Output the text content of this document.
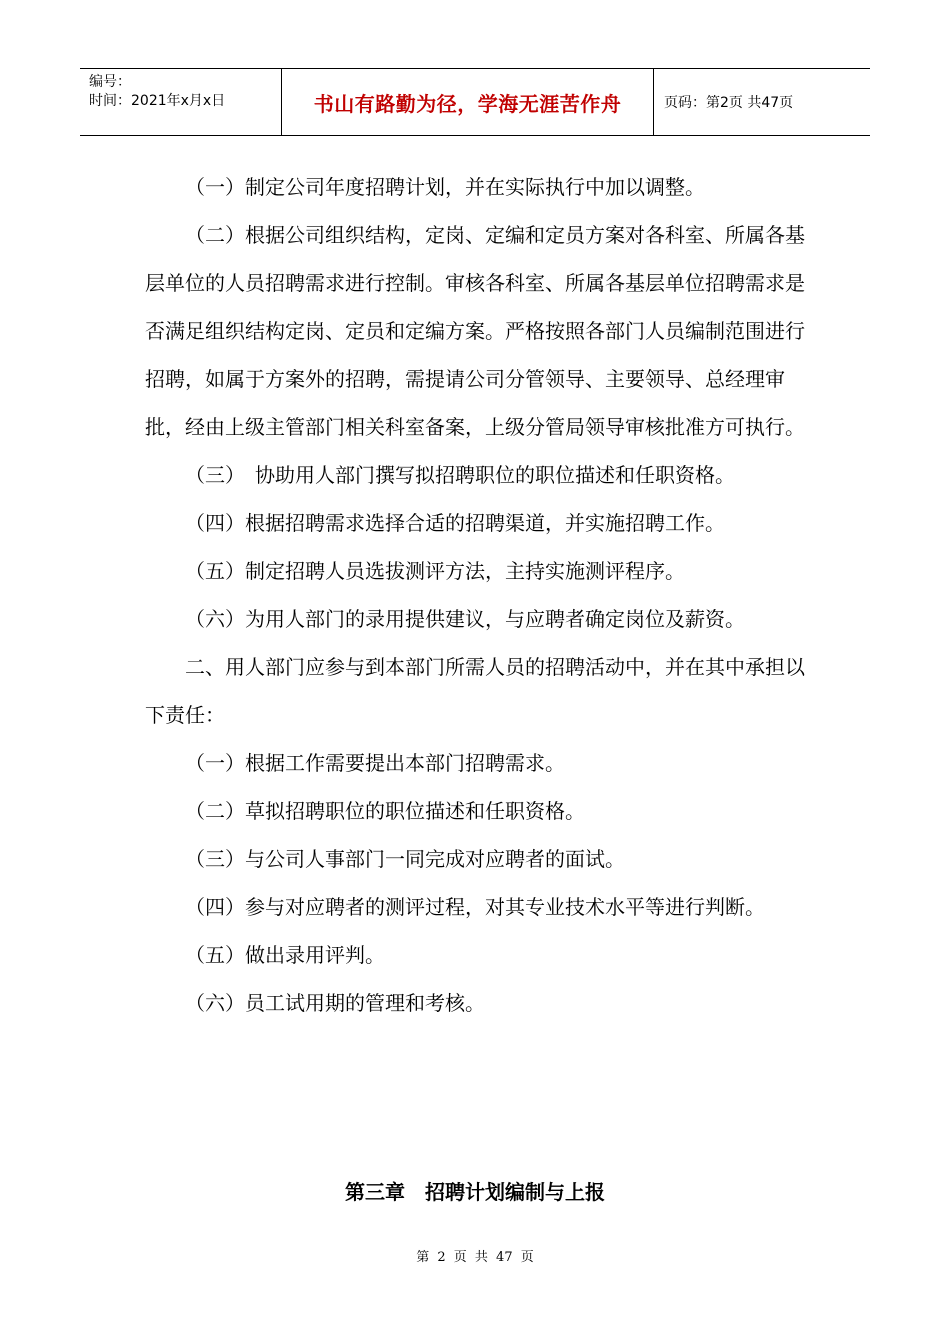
编号：
时间：2021年x月x日	书山有路勤为径，学海无涯苦作舟	页码：第2页 共47页

（一）制定公司年度招聘计划，并在实际执行中加以调整。

（二）根据公司组织结构，定岗、定编和定员方案对各科室、所属各基层单位的人员招聘需求进行控制。审核各科室、所属各基层单位招聘需求是否满足组织结构定岗、定员和定编方案。严格按照各部门人员编制范围进行招聘，如属于方案外的招聘，需提请公司分管领导、主要领导、总经理审批，经由上级主管部门相关科室备案，上级分管局领导审核批准方可执行。

（三）　协助用人部门撰写拟招聘职位的职位描述和任职资格。

（四）根据招聘需求选择合适的招聘渠道，并实施招聘工作。

（五）制定招聘人员选拔测评方法，主持实施测评程序。

（六）为用人部门的录用提供建议，与应聘者确定岗位及薪资。

二、用人部门应参与到本部门所需人员的招聘活动中，并在其中承担以下责任：

（一）根据工作需要提出本部门招聘需求。

（二）草拟招聘职位的职位描述和任职资格。

（三）与公司人事部门一同完成对应聘者的面试。

（四）参与对应聘者的测评过程，对其专业技术水平等进行判断。

（五）做出录用评判。

（六）员工试用期的管理和考核。

第三章　招聘计划编制与上报
第 2 页 共 47 页
